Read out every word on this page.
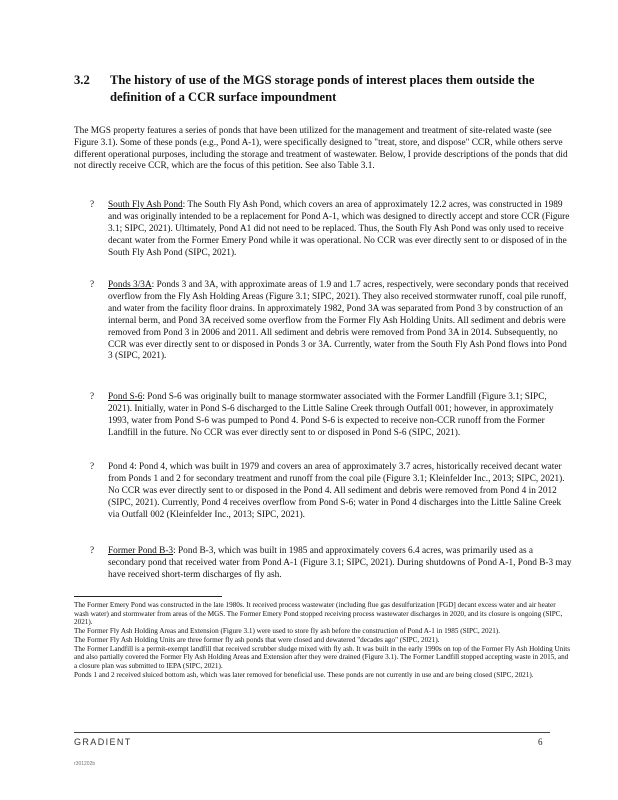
3.2 The history of use of the MGS storage ponds of interest places them outside the definition of a CCR surface impoundment
The MGS property features a series of ponds that have been utilized for the management and treatment of site-related waste (see Figure 3.1). Some of these ponds (e.g., Pond A-1), were specifically designed to "treat, store, and dispose" CCR, while others serve different operational purposes, including the storage and treatment of wastewater. Below, I provide descriptions of the ponds that did not directly receive CCR, which are the focus of this petition. See also Table 3.1.
?	South Fly Ash Pond: The South Fly Ash Pond, which covers an area of approximately 12.2 acres, was constructed in 1989 and was originally intended to be a replacement for Pond A-1, which was designed to directly accept and store CCR (Figure 3.1; SIPC, 2021). Ultimately, Pond A1 did not need to be replaced. Thus, the South Fly Ash Pond was only used to receive decant water from the Former Emery Pond while it was operational. No CCR was ever directly sent to or disposed of in the South Fly Ash Pond (SIPC, 2021).
?	Ponds 3/3A: Ponds 3 and 3A, with approximate areas of 1.9 and 1.7 acres, respectively, were secondary ponds that received overflow from the Fly Ash Holding Areas (Figure 3.1; SIPC, 2021). They also received stormwater runoff, coal pile runoff, and water from the facility floor drains. In approximately 1982, Pond 3A was separated from Pond 3 by construction of an internal berm, and Pond 3A received some overflow from the Former Fly Ash Holding Units. All sediment and debris were removed from Pond 3 in 2006 and 2011. All sediment and debris were removed from Pond 3A in 2014. Subsequently, no CCR was ever directly sent to or disposed in Ponds 3 or 3A. Currently, water from the South Fly Ash Pond flows into Pond 3 (SIPC, 2021).
?	Pond S-6: Pond S-6 was originally built to manage stormwater associated with the Former Landfill (Figure 3.1; SIPC, 2021). Initially, water in Pond S-6 discharged to the Little Saline Creek through Outfall 001; however, in approximately 1993, water from Pond S-6 was pumped to Pond 4. Pond S-6 is expected to receive non-CCR runoff from the Former Landfill in the future. No CCR was ever directly sent to or disposed in Pond S-6 (SIPC, 2021).
?	Pond 4: Pond 4, which was built in 1979 and covers an area of approximately 3.7 acres, historically received decant water from Ponds 1 and 2 for secondary treatment and runoff from the coal pile (Figure 3.1; Kleinfelder Inc., 2013; SIPC, 2021). No CCR was ever directly sent to or disposed in the Pond 4. All sediment and debris were removed from Pond 4 in 2012 (SIPC, 2021). Currently, Pond 4 receives overflow from Pond S-6; water in Pond 4 discharges into the Little Saline Creek via Outfall 002 (Kleinfelder Inc., 2013; SIPC, 2021).
?	Former Pond B-3: Pond B-3, which was built in 1985 and approximately covers 6.4 acres, was primarily used as a secondary pond that received water from Pond A-1 (Figure 3.1; SIPC, 2021). During shutdowns of Pond A-1, Pond B-3 may have received short-term discharges of fly ash.

The Former Emery Pond was constructed in the late 1980s. It received process wastewater (including flue gas desulfurization [FGD] decant excess water and air heater wash water) and stormwater from areas of the MGS. The Former Emery Pond stopped receiving process wastewater discharges in 2020, and its closure is ongoing (SIPC, 2021).

The Former Fly Ash Holding Areas and Extension (Figure 3.1) were used to store fly ash before the construction of Pond A-1 in 1985 (SIPC, 2021).

The Former Fly Ash Holding Units are three former fly ash ponds that were closed and dewatered "decades ago" (SIPC, 2021).

The Former Landfill is a permit-exempt landfill that received scrubber sludge mixed with fly ash. It was built in the early 1990s on top of the Former Fly Ash Holding Units and also partially covered the Former Fly Ash Holding Areas and Extension after they were drained (Figure 3.1). The Former Landfill stopped accepting waste in 2015, and a closure plan was submitted to IEPA (SIPC, 2021).

Ponds 1 and 2 received sluiced bottom ash, which was later removed for beneficial use. These ponds are not currently in use and are being closed (SIPC, 2021).

GRADIENT	6
r301202b
